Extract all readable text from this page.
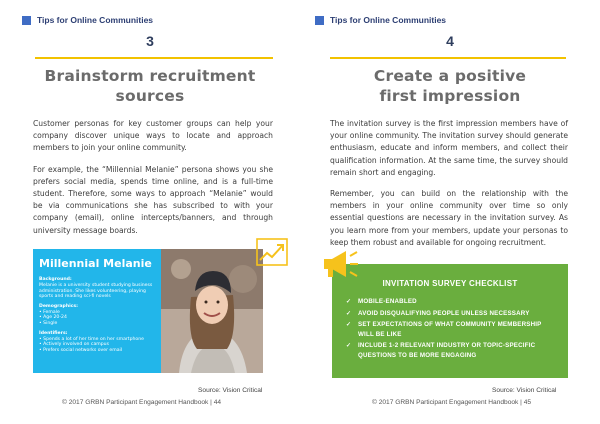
Tips for Online Communities
3
Brainstorm recruitment
sources

Customer personas for key customer groups can help your company discover unique ways to locate and approach members to join your online community.

For example, the “Millennial Melanie” persona shows you she prefers social media, spends time online, and is a full-time student. Therefore, some ways to approach “Melanie” would be via communications she has subscribed to with your company (email), online intercepts/banners, and through university message boards.

Millennial Melanie
Background:
Melanie is a university student studying business administration. She likes volunteering, playing sports and reading sci-fi novels
Demographics:
• Female
• Age 20-24
• Single
Identifiers:
• Spends a lot of her time on her smartphone
• Actively involved on campus
• Prefers social networks over email
Source: Vision Critical
© 2017 GRBN Participant Engagement Handbook | 44
Tips for Online Communities
4
Create a positive
first impression

The invitation survey is the first impression members have of your online community. The invitation survey should generate enthusiasm, educate and inform members, and collect their qualification information. At the same time, the survey should remain short and engaging.

Remember, you can build on the relationship with the members in your online community over time so only essential questions are necessary in the invitation survey. As you learn more from your members, update your personas to keep them robust and available for ongoing recruitment.

INVITATION SURVEY CHECKLIST
✓	MOBILE-ENABLED
✓	AVOID DISQUALIFYING PEOPLE UNLESS NECESSARY
✓	SET EXPECTATIONS OF WHAT COMMUNITY MEMBERSHIP WILL BE LIKE
✓	INCLUDE 1-2 RELEVANT INDUSTRY OR TOPIC-SPECIFIC QUESTIONS TO BE MORE ENGAGING
Source: Vision Critical
© 2017 GRBN Participant Engagement Handbook | 45
